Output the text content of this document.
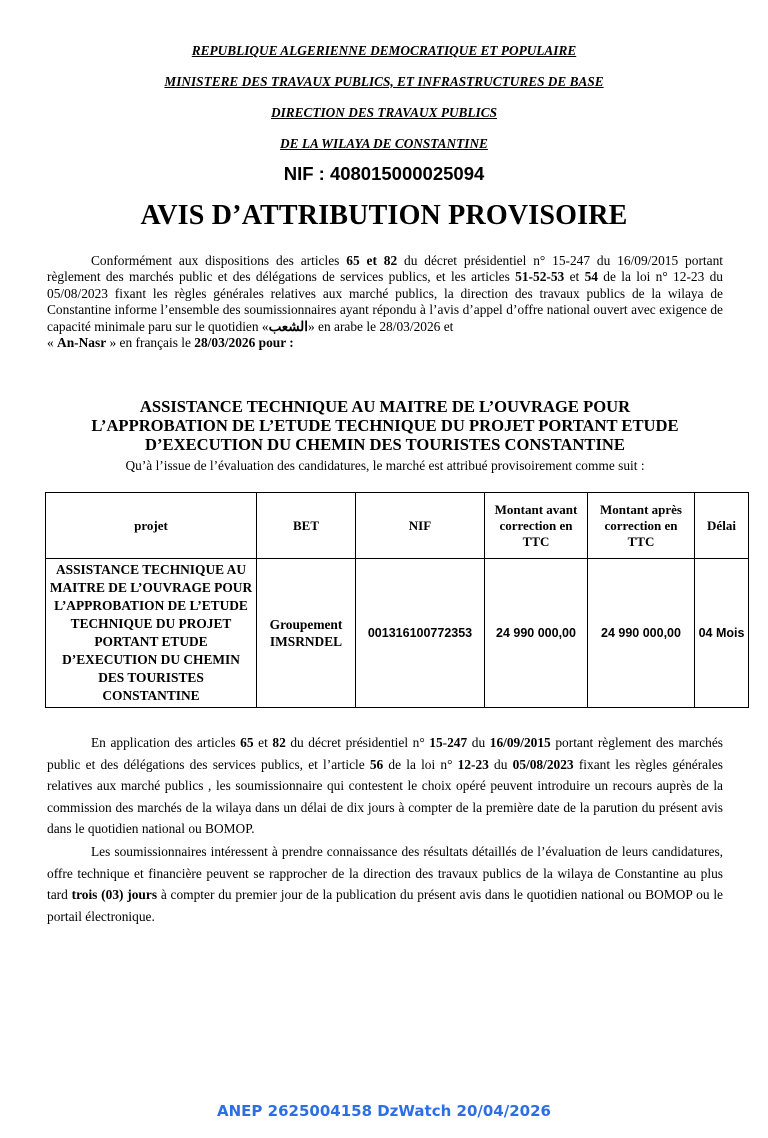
REPUBLIQUE ALGERIENNE DEMOCRATIQUE ET POPULAIRE

MINISTERE DES TRAVAUX PUBLICS, ET INFRASTRUCTURES DE BASE

DIRECTION DES TRAVAUX PUBLICS

DE LA WILAYA DE CONSTANTINE

NIF : 408015000025094
AVIS D’ATTRIBUTION PROVISOIRE

Conformément aux dispositions des articles 65 et 82 du décret présidentiel n° 15-247 du 16/09/2015 portant règlement des marchés public et des délégations de services publics, et les articles 51-52-53 et 54 de la loi n° 12-23 du 05/08/2023 fixant les règles générales relatives aux marché publics, la direction des travaux publics de la wilaya de Constantine informe l’ensemble des soumissionnaires ayant répondu à l’avis d’appel d’offre national ouvert avec exigence de capacité minimale paru sur le quotidien «الشعب» en arabe le 28/03/2026 et

« An-Nasr » en français le 28/03/2026 pour :

ASSISTANCE TECHNIQUE AU MAITRE DE L’OUVRAGE POUR
L’APPROBATION DE L’ETUDE TECHNIQUE DU PROJET PORTANT ETUDE
D’EXECUTION DU CHEMIN DES TOURISTES CONSTANTINE
Qu’à l’issue de l’évaluation des candidatures, le marché est attribué provisoirement comme suit :
projet	BET	NIF	Montant avant correction en TTC	Montant après correction en TTC	Délai
ASSISTANCE TECHNIQUE AU MAITRE DE L’OUVRAGE POUR L’APPROBATION DE L’ETUDE TECHNIQUE DU PROJET PORTANT ETUDE D’EXECUTION DU CHEMIN DES TOURISTES CONSTANTINE	Groupement IMSRNDEL	001316100772353	24 990 000,00	24 990 000,00	04 Mois

En application des articles 65 et 82 du décret présidentiel n° 15-247 du 16/09/2015 portant règlement des marchés public et des délégations des services publics, et l’article 56 de la loi n° 12-23 du 05/08/2023 fixant les règles générales relatives aux marché publics , les soumissionnaire qui contestent le choix opéré peuvent introduire un recours auprès de la commission des marchés de la wilaya dans un délai de dix jours à compter de la première date de la parution du présent avis dans le quotidien national ou BOMOP.

Les soumissionnaires intéressent à prendre connaissance des résultats détaillés de l’évaluation de leurs candidatures, offre technique et financière peuvent se rapprocher de la direction des travaux publics de la wilaya de Constantine au plus tard trois (03) jours à compter du premier jour de la publication du présent avis dans le quotidien national ou BOMOP ou le portail électronique.

ANEP 2625004158 DzWatch 20/04/2026
